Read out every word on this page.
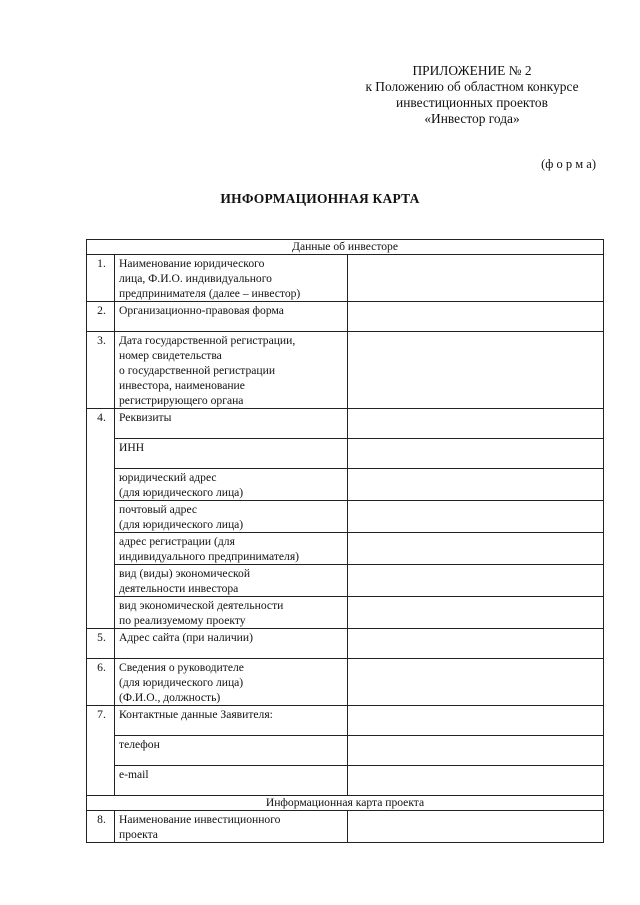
ПРИЛОЖЕНИЕ № 2
к Положению об областном конкурсе
инвестиционных проектов
«Инвестор года»
(ф о р м а)
ИНФОРМАЦИОННАЯ КАРТА
Данные об инвесторе		
1.	Наименование юридического
лица, Ф.И.О. индивидуального
предпринимателя (далее – инвестор)	

2.	Организационно-правовая форма	

3.	Дата государственной регистрации,
номер свидетельства
о государственной регистрации
инвестора, наименование
регистрирующего органа	

4.	Реквизиты	

	ИНН	

	юридический адрес
(для юридического лица)	

	почтовый адрес
(для юридического лица)	

	адрес регистрации (для
индивидуального предпринимателя)	

	вид (виды) экономической
деятельности инвестора	

	вид экономической деятельности
по реализуемому проекту	

5.	Адрес сайта (при наличии)	

6.	Сведения о руководителе
(для юридического лица)
(Ф.И.О., должность)	

7.	Контактные данные Заявителя:	

	телефон	

	e-mail	

Информационная карта проекта		
8.	Наименование инвестиционного
проекта	
